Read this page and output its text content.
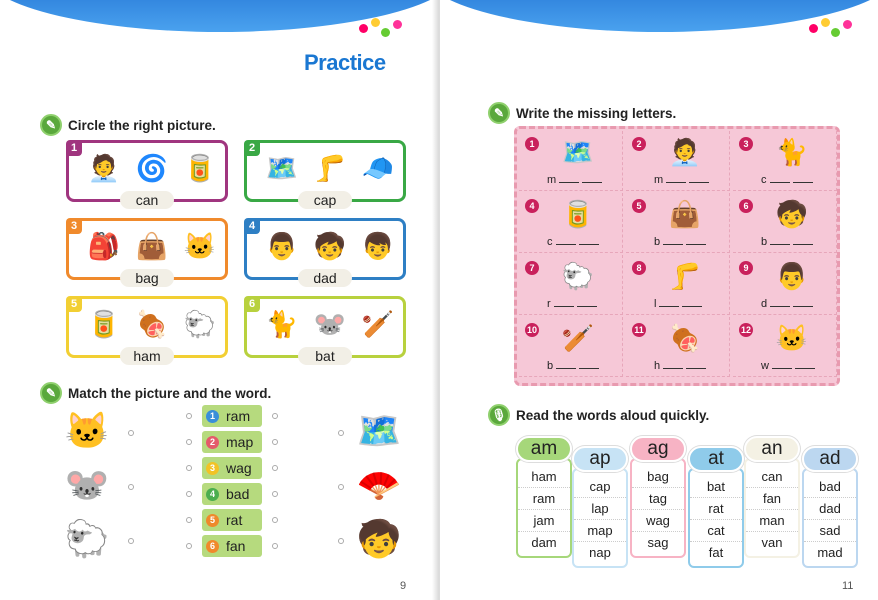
Practice
✎ Circle the right picture.
1
🧑‍💼 🌀 🥫
can
2
🗺️ 🦵 🧢
cap
3
🎒 👜 🐱
bag
4
👨 🧒 👦
dad
5
🥫 🍖 🐑
ham
6
🐈 🐭 🏏
bat
✎ Match the picture and the word.
🐱
🐭
🐑
🗺️
🪭
🧒
1 ram
2 map
3 wag
4 bad
5 rat
6 fan
9
✎ Write the missing letters.
🎙 Read the words aloud quickly.
11
1 🗺️
m
2 🧑‍💼
m
3 🐈
c
4 🥫
c
5 👜
b
6 🧒
b
7 🐑
r
8 🦵
l
9 👨
d
10 🏏
b
11 🍖
h
12 🐱
w
am
ham
ram
jam
dam
ap
cap
lap
map
nap
ag
bag
tag
wag
sag
at
bat
rat
cat
fat
an
can
fan
man
van
ad
bad
dad
sad
mad
